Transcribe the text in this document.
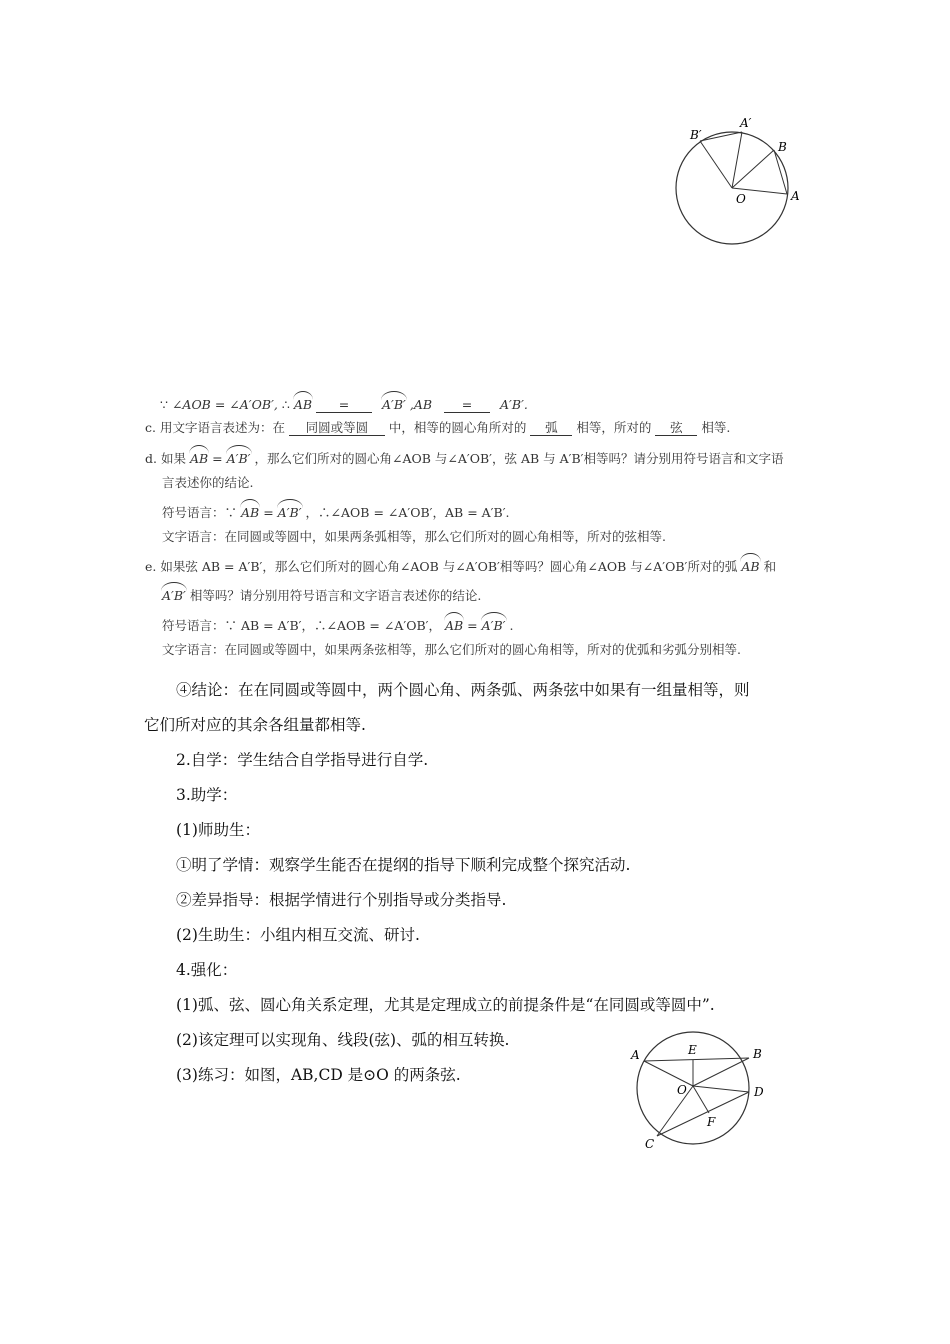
B′
A′
B
A
O
∵ ∠AOB = ∠A′OB′, ∴ AB =	A′B′ ,AB = A′B′.
c. 用文字语言表述为：在 同圆或等圆 中，相等的圆心角所对的 弧 相等，所对的 弦 相等.
d. 如果 AB = A′B′ ，那么它们所对的圆心角∠AOB 与∠A′OB′，弦 AB 与 A′B′相等吗？请分别用符号语言和文字语
言表述你的结论.
符号语言：∵ AB = A′B′ ，∴∠AOB = ∠A′OB′，AB = A′B′.
文字语言：在同圆或等圆中，如果两条弧相等，那么它们所对的圆心角相等，所对的弦相等.
e. 如果弦 AB = A′B′，那么它们所对的圆心角∠AOB 与∠A′OB′相等吗？圆心角∠AOB 与∠A′OB′所对的弧 AB 和
A′B′ 相等吗？请分别用符号语言和文字语言表述你的结论.
符号语言：∵ AB = A′B′，∴∠AOB = ∠A′OB′， AB = A′B′ .
文字语言：在同圆或等圆中，如果两条弦相等，那么它们所对的圆心角相等，所对的优弧和劣弧分别相等.
④结论：在在同圆或等圆中，两个圆心角、两条弧、两条弦中如果有一组量相等，则
它们所对应的其余各组量都相等.
2.自学：学生结合自学指导进行自学.
3.助学：
(1)师助生：
①明了学情：观察学生能否在提纲的指导下顺利完成整个探究活动.
②差异指导：根据学情进行个别指导或分类指导.
(2)生助生：小组内相互交流、研讨.
4.强化：
(1)弧、弦、圆心角关系定理，尤其是定理成立的前提条件是“在同圆或等圆中”.
(2)该定理可以实现角、线段(弦)、弧的相互转换.
(3)练习：如图，AB,CD 是⊙O 的两条弦.
A	E	B
O	D
F
C
